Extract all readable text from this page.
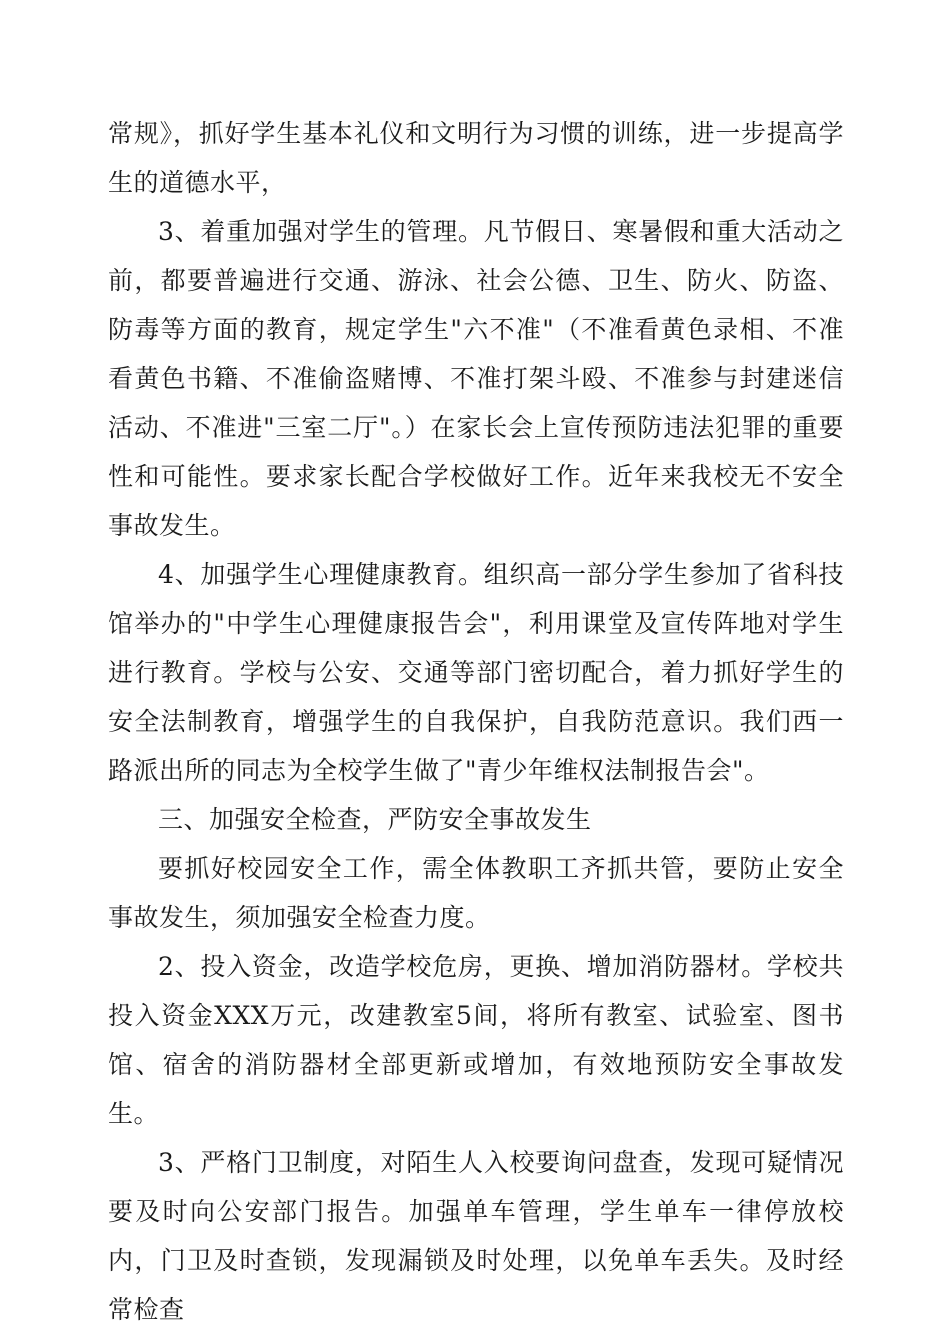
常规》，抓好学生基本礼仪和文明行为习惯的训练，进一步提高学生的道德水平，

3、着重加强对学生的管理。凡节假日、寒暑假和重大活动之前，都要普遍进行交通、游泳、社会公德、卫生、防火、防盗、防毒等方面的教育，规定学生"六不准"（不准看黄色录相、不准看黄色书籍、不准偷盗赌博、不准打架斗殴、不准参与封建迷信活动、不准进"三室二厅"。）在家长会上宣传预防违法犯罪的重要性和可能性。要求家长配合学校做好工作。近年来我校无不安全事故发生。

4、加强学生心理健康教育。组织高一部分学生参加了省科技馆举办的"中学生心理健康报告会"，利用课堂及宣传阵地对学生进行教育。学校与公安、交通等部门密切配合，着力抓好学生的安全法制教育，增强学生的自我保护，自我防范意识。我们西一路派出所的同志为全校学生做了"青少年维权法制报告会"。

三、加强安全检查，严防安全事故发生

要抓好校园安全工作，需全体教职工齐抓共管，要防止安全事故发生，须加强安全检查力度。

2、投入资金，改造学校危房，更换、增加消防器材。学校共投入资金XXX万元，改建教室5间，将所有教室、试验室、图书馆、宿舍的消防器材全部更新或增加，有效地预防安全事故发生。

3、严格门卫制度，对陌生人入校要询问盘查，发现可疑情况要及时向公安部门报告。加强单车管理，学生单车一律停放校内，门卫及时查锁，发现漏锁及时处理，以免单车丢失。及时经常检查
